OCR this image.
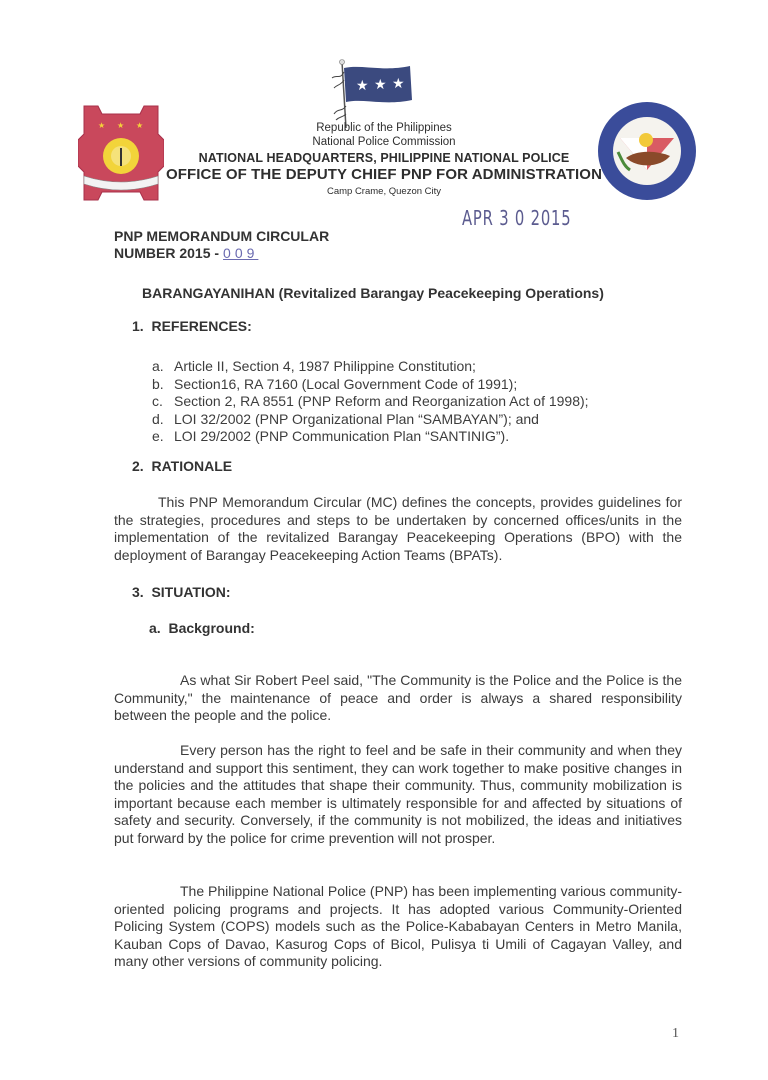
★ ★ ★
★ ★ ★	Republic of the Philippines
National Police Commission
NATIONAL HEADQUARTERS, PHILIPPINE NATIONAL POLICE
OFFICE OF THE DEPUTY CHIEF PNP FOR ADMINISTRATION
Camp Crame, Quezon City
APR 3 0 2015
PNP MEMORANDUM CIRCULAR
NUMBER 2015 - 009
BARANGAYANIHAN (Revitalized Barangay Peacekeeping Operations)
1.  REFERENCES:
a. Article II, Section 4, 1987 Philippine Constitution;
b. Section16, RA 7160 (Local Government Code of 1991);
c. Section 2, RA 8551 (PNP Reform and Reorganization Act of 1998);
d. LOI 32/2002 (PNP Organizational Plan “SAMBAYAN”); and
e. LOI 29/2002 (PNP Communication Plan “SANTINIG”).
2.  RATIONALE
This PNP Memorandum Circular (MC) defines the concepts, provides guidelines for the strategies, procedures and steps to be undertaken by concerned offices/units in the implementation of the revitalized Barangay Peacekeeping Operations (BPO) with the deployment of Barangay Peacekeeping Action Teams (BPATs).
3.  SITUATION:
a.  Background:
As what Sir Robert Peel said, "The Community is the Police and the Police is the Community," the maintenance of peace and order is always a shared responsibility between the people and the police.
Every person has the right to feel and be safe in their community and when they understand and support this sentiment, they can work together to make positive changes in the policies and the attitudes that shape their community. Thus, community mobilization is important because each member is ultimately responsible for and affected by situations of safety and security. Conversely, if the community is not mobilized, the ideas and initiatives put forward by the police for crime prevention will not prosper.
The Philippine National Police (PNP) has been implementing various community-oriented policing programs and projects. It has adopted various Community-Oriented Policing System (COPS) models such as the Police-Kababayan Centers in Metro Manila, Kauban Cops of Davao, Kasurog Cops of Bicol, Pulisya ti Umili of Cagayan Valley, and many other versions of community policing.
1
